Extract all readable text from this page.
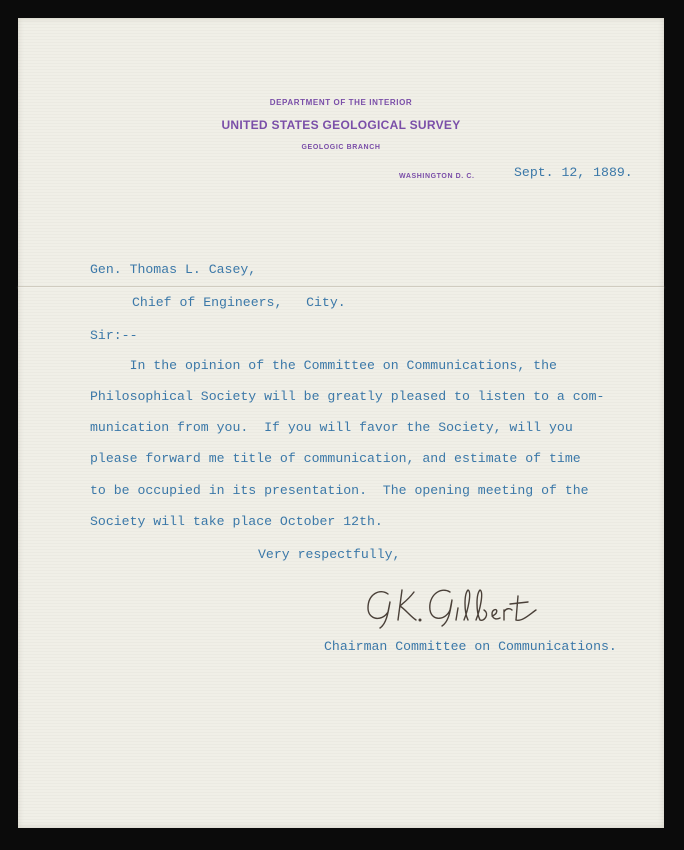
DEPARTMENT OF THE INTERIOR
UNITED STATES GEOLOGICAL SURVEY
GEOLOGIC BRANCH
WASHINGTON D. C.	Sept. 12, 1889.
Gen. Thomas L. Casey,
Chief of Engineers,   City.
Sir:--
In the opinion of the Committee on Communications, the
Philosophical Society will be greatly pleased to listen to a com-
munication from you.  If you will favor the Society, will you
please forward me title of communication, and estimate of time
to be occupied in its presentation.  The opening meeting of the
Society will take place October 12th.
Very respectfully,
Chairman Committee on Communications.
